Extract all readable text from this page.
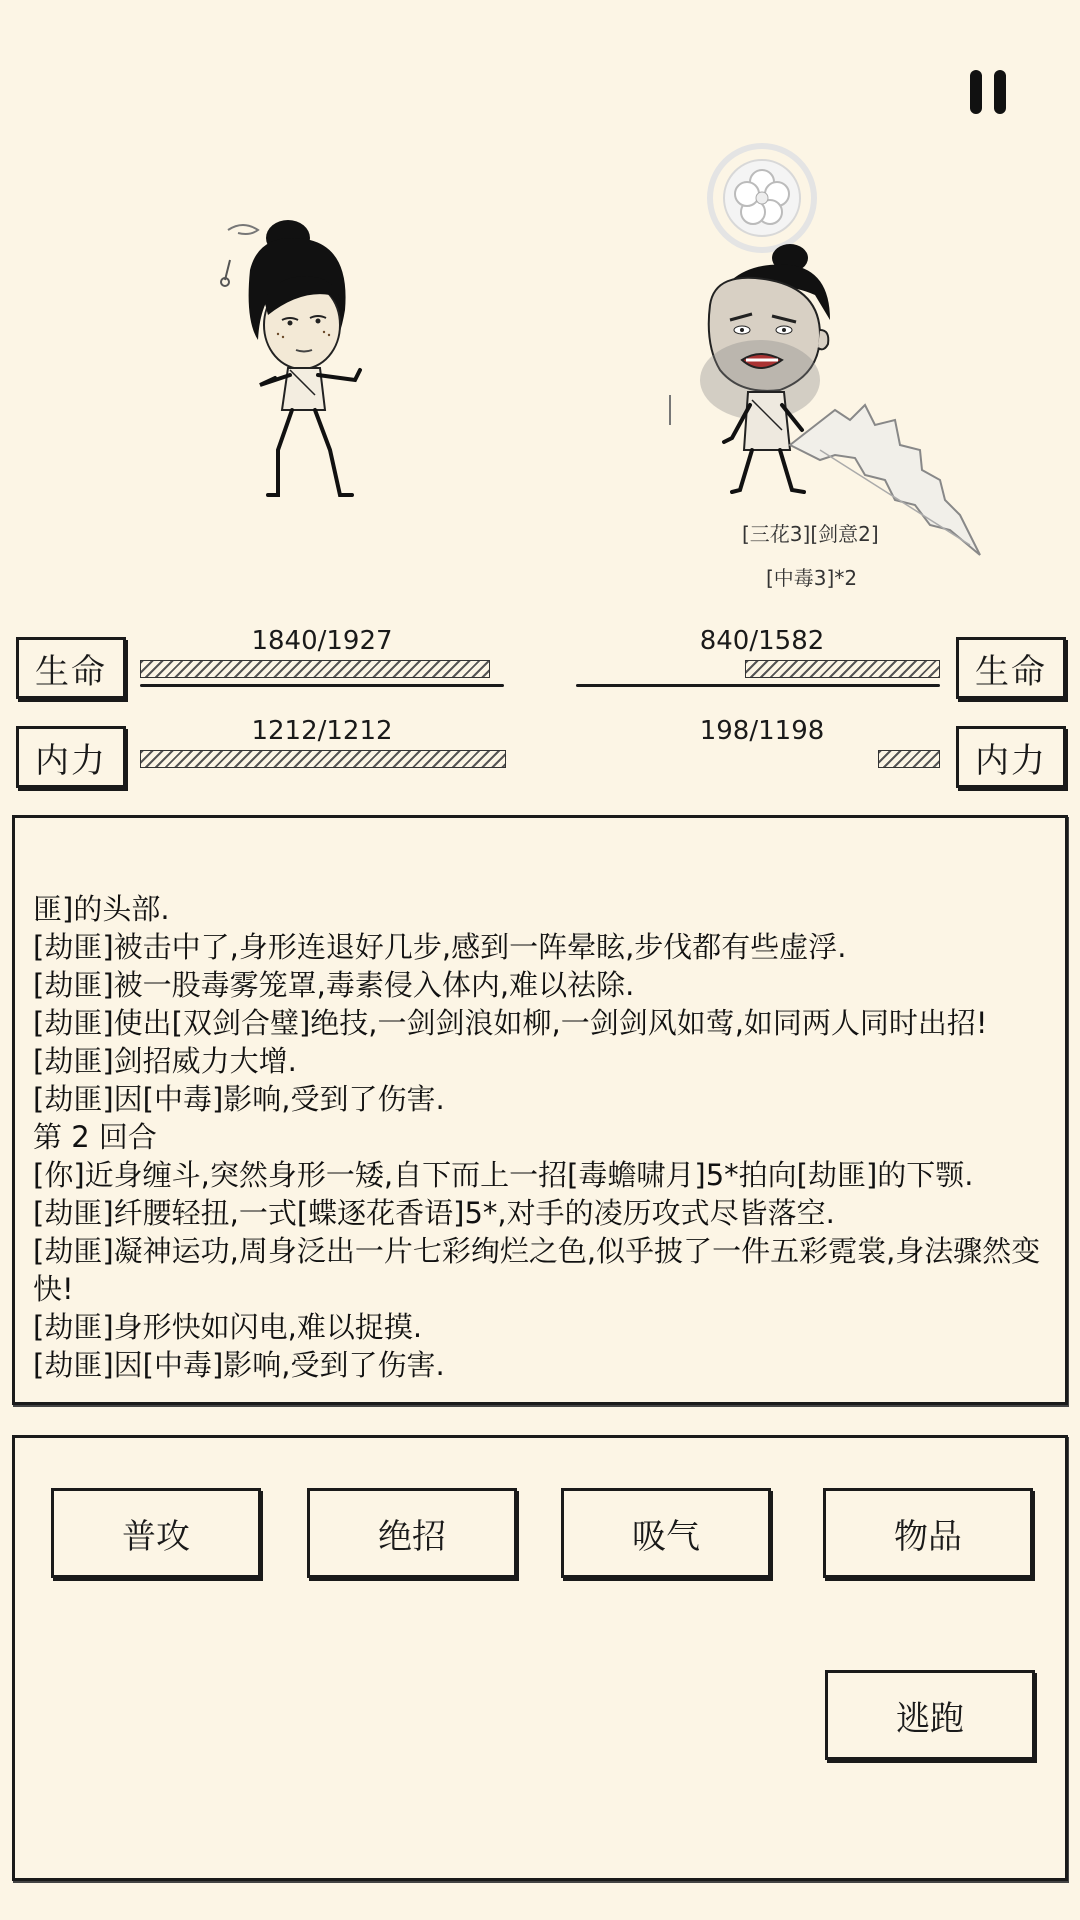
[三花3][剑意2]
[中毒3]*2
生命
1840/1927
内力
1212/1212
生命
840/1582
内力
198/1198
匪]的头部.
[劫匪]被击中了,身形连退好几步,感到一阵晕眩,步伐都有些虚浮.
[劫匪]被一股毒雾笼罩,毒素侵入体内,难以祛除.
[劫匪]使出[双剑合璧]绝技,一剑剑浪如柳,一剑剑风如莺,如同两人同时出招!
[劫匪]剑招威力大增.
[劫匪]因[中毒]影响,受到了伤害.
第 2 回合
[你]近身缠斗,突然身形一矮,自下而上一招[毒蟾啸月]5*拍向[劫匪]的下颚.
[劫匪]纤腰轻扭,一式[蝶逐花香语]5*,对手的凌历攻式尽皆落空.
[劫匪]凝神运功,周身泛出一片七彩绚烂之色,似乎披了一件五彩霓裳,身法骤然变快!
[劫匪]身形快如闪电,难以捉摸.
[劫匪]因[中毒]影响,受到了伤害.
普攻	绝招	吸气	物品
逃跑
